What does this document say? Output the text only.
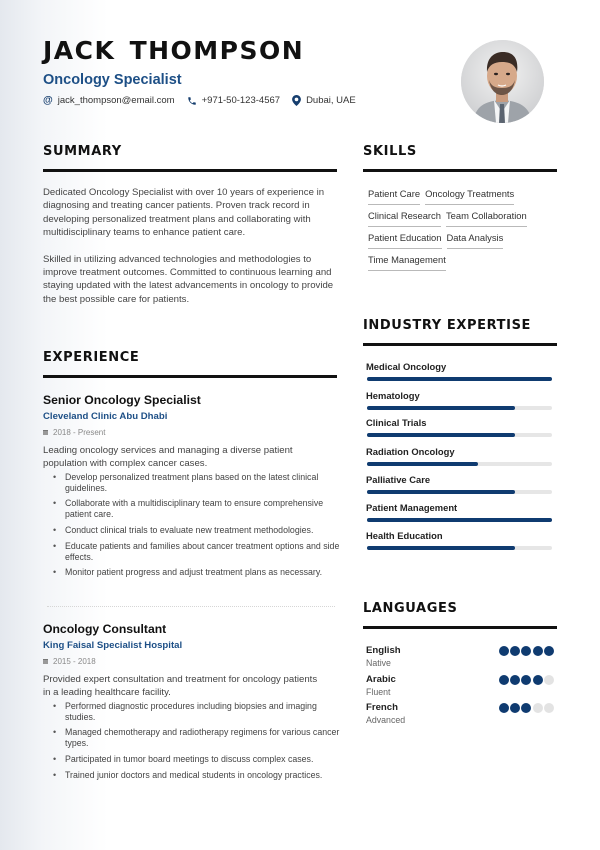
JACK THOMPSON
Oncology Specialist
@ jack_thompson@email.com	+971-50-123-4567	Dubai, UAE
SUMMARY

Dedicated Oncology Specialist with over 10 years of experience in diagnosing and treating cancer patients. Proven track record in developing personalized treatment plans and collaborating with multidisciplinary teams to enhance patient care.

Skilled in utilizing advanced technologies and methodologies to improve treatment outcomes. Committed to continuous learning and staying updated with the latest advancements in oncology to provide the best possible care for patients.

EXPERIENCE
Senior Oncology Specialist
Cleveland Clinic Abu Dhabi
2018 - Present
Leading oncology services and managing a diverse patient population with complex cancer cases.
• Develop personalized treatment plans based on the latest clinical guidelines.
• Collaborate with a multidisciplinary team to ensure comprehensive patient care.
• Conduct clinical trials to evaluate new treatment methodologies.
• Educate patients and families about cancer treatment options and side effects.
• Monitor patient progress and adjust treatment plans as necessary.
Oncology Consultant
King Faisal Specialist Hospital
2015 - 2018
Provided expert consultation and treatment for oncology patients in a leading healthcare facility.
• Performed diagnostic procedures including biopsies and imaging studies.
• Managed chemotherapy and radiotherapy regimens for various cancer types.
• Participated in tumor board meetings to discuss complex cases.
• Trained junior doctors and medical students in oncology practices.
SKILLS
Patient Care Oncology Treatments
Clinical Research Team Collaboration
Patient Education Data Analysis
Time Management
INDUSTRY EXPERTISE
Medical Oncology
Hematology
Clinical Trials
Radiation Oncology
Palliative Care
Patient Management
Health Education
LANGUAGES
English
Native
Arabic
Fluent
French
Advanced
